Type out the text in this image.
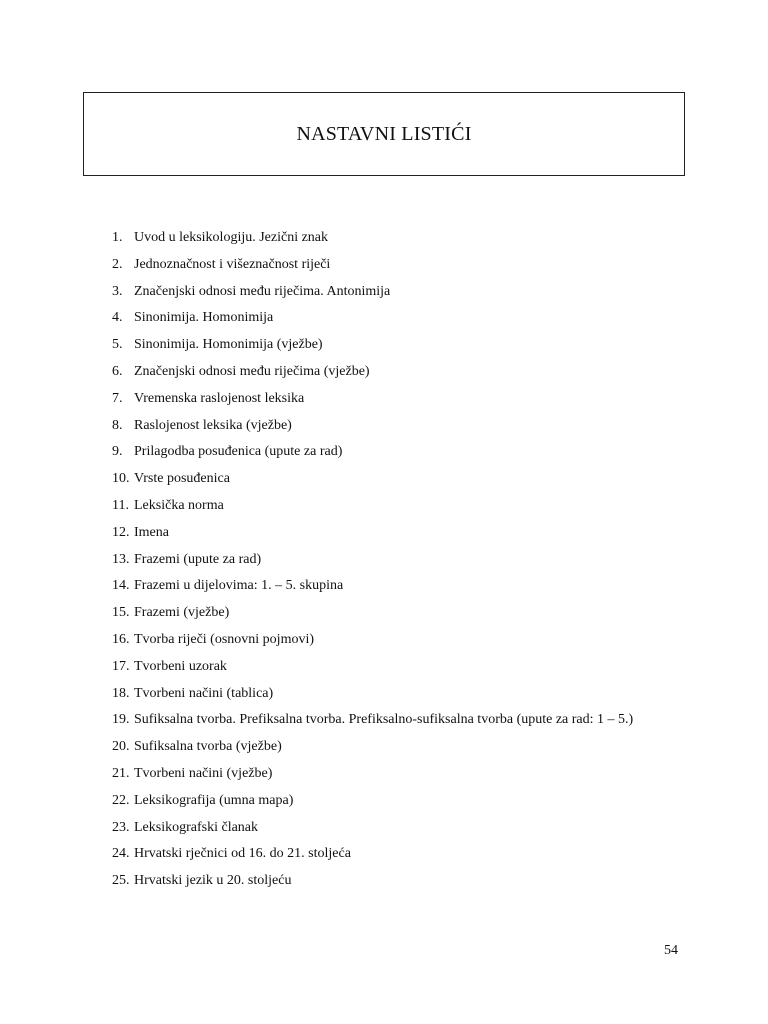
NASTAVNI LISTIĆI
1. Uvod u leksikologiju. Jezični znak
2. Jednoznačnost i višeznačnost riječi
3. Značenjski odnosi među riječima. Antonimija
4. Sinonimija. Homonimija
5. Sinonimija. Homonimija (vježbe)
6. Značenjski odnosi među riječima (vježbe)
7. Vremenska raslojenost leksika
8. Raslojenost leksika (vježbe)
9. Prilagodba posuđenica (upute za rad)
10. Vrste posuđenica
11. Leksička norma
12. Imena
13. Frazemi (upute za rad)
14. Frazemi u dijelovima: 1. – 5. skupina
15. Frazemi (vježbe)
16. Tvorba riječi (osnovni pojmovi)
17. Tvorbeni uzorak
18. Tvorbeni načini (tablica)
19. Sufiksalna tvorba. Prefiksalna tvorba. Prefiksalno-sufiksalna tvorba (upute za rad: 1 – 5.)
20. Sufiksalna tvorba (vježbe)
21. Tvorbeni načini (vježbe)
22. Leksikografija (umna mapa)
23. Leksikografski članak
24. Hrvatski rječnici od 16. do 21. stoljeća
25. Hrvatski jezik u 20. stoljeću
54
